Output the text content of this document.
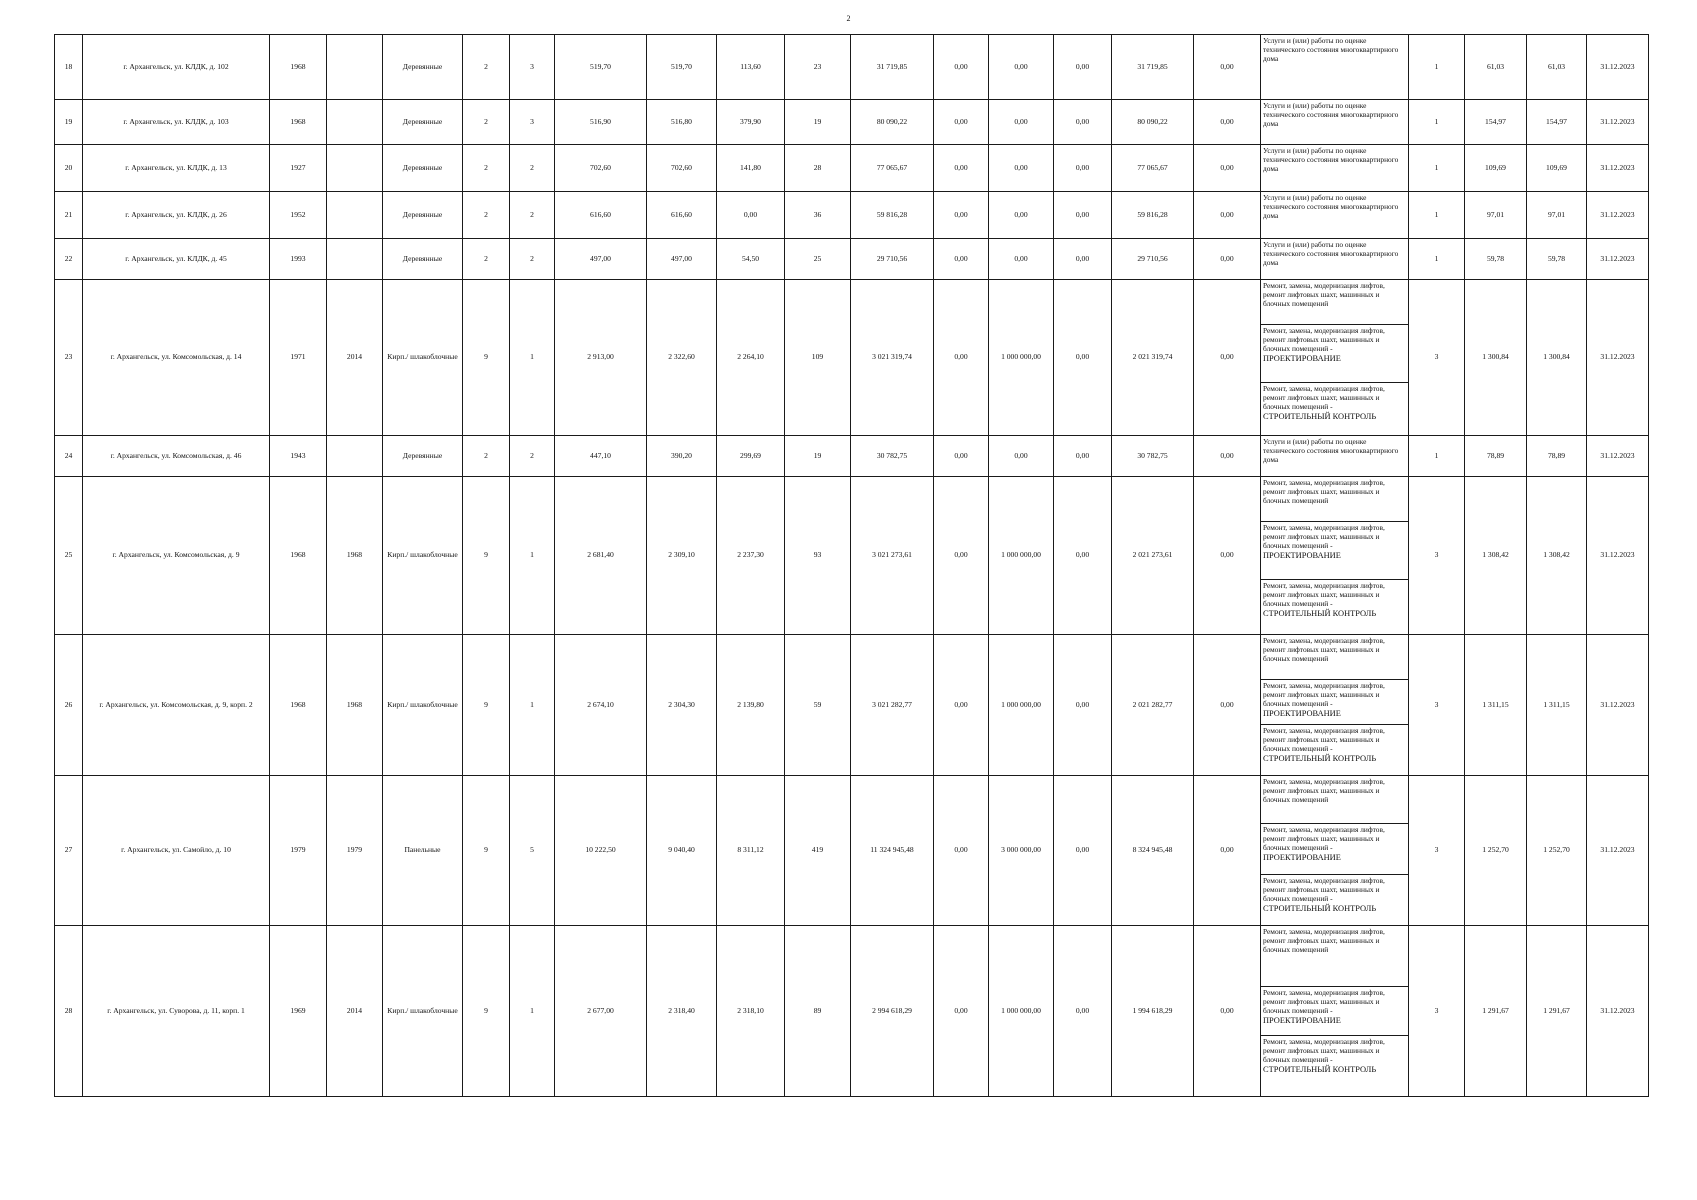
2
18	г. Архангельск, ул. КЛДК, д. 102	1968		Деревянные	2	3	519,70	519,70	113,60	23	31 719,85	0,00	0,00	0,00	31 719,85	0,00	Услуги и (или) работы по оценке технического состояния многоквартирного дома	1	61,03	61,03	31.12.2023
19	г. Архангельск, ул. КЛДК, д. 103	1968		Деревянные	2	3	516,90	516,80	379,90	19	80 090,22	0,00	0,00	0,00	80 090,22	0,00	Услуги и (или) работы по оценке технического состояния многоквартирного дома	1	154,97	154,97	31.12.2023
20	г. Архангельск, ул. КЛДК, д. 13	1927		Деревянные	2	2	702,60	702,60	141,80	28	77 065,67	0,00	0,00	0,00	77 065,67	0,00	Услуги и (или) работы по оценке технического состояния многоквартирного дома	1	109,69	109,69	31.12.2023
21	г. Архангельск, ул. КЛДК, д. 26	1952		Деревянные	2	2	616,60	616,60	0,00	36	59 816,28	0,00	0,00	0,00	59 816,28	0,00	Услуги и (или) работы по оценке технического состояния многоквартирного дома	1	97,01	97,01	31.12.2023
22	г. Архангельск, ул. КЛДК, д. 45	1993		Деревянные	2	2	497,00	497,00	54,50	25	29 710,56	0,00	0,00	0,00	29 710,56	0,00	Услуги и (или) работы по оценке технического состояния многоквартирного дома	1	59,78	59,78	31.12.2023
23	г. Архангельск, ул. Комсомольская, д. 14	1971	2014	Кирп./ шлакоблочные	9	1	2 913,00	2 322,60	2 264,10	109	3 021 319,74	0,00	1 000 000,00	0,00	2 021 319,74	0,00	Ремонт, замена, модернизация лифтов, ремонт лифтовых шахт, машинных и блочных помещений	3	1 300,84	1 300,84	31.12.2023

																	Ремонт, замена, модернизация лифтов, ремонт лифтовых шахт, машинных и блочных помещений -
ПРОЕКТИРОВАНИЕ				

																	Ремонт, замена, модернизация лифтов, ремонт лифтовых шахт, машинных и блочных помещений -
СТРОИТЕЛЬНЫЙ КОНТРОЛЬ				

24	г. Архангельск, ул. Комсомольская, д. 46	1943		Деревянные	2	2	447,10	390,20	299,69	19	30 782,75	0,00	0,00	0,00	30 782,75	0,00	Услуги и (или) работы по оценке технического состояния многоквартирного дома	1	78,89	78,89	31.12.2023
25	г. Архангельск, ул. Комсомольская, д. 9	1968	1968	Кирп./ шлакоблочные	9	1	2 681,40	2 309,10	2 237,30	93	3 021 273,61	0,00	1 000 000,00	0,00	2 021 273,61	0,00	Ремонт, замена, модернизация лифтов, ремонт лифтовых шахт, машинных и блочных помещений	3	1 308,42	1 308,42	31.12.2023

																	Ремонт, замена, модернизация лифтов, ремонт лифтовых шахт, машинных и блочных помещений -
ПРОЕКТИРОВАНИЕ				

																	Ремонт, замена, модернизация лифтов, ремонт лифтовых шахт, машинных и блочных помещений -
СТРОИТЕЛЬНЫЙ КОНТРОЛЬ				

26	г. Архангельск, ул. Комсомольская, д. 9, корп. 2	1968	1968	Кирп./ шлакоблочные	9	1	2 674,10	2 304,30	2 139,80	59	3 021 282,77	0,00	1 000 000,00	0,00	2 021 282,77	0,00	Ремонт, замена, модернизация лифтов, ремонт лифтовых шахт, машинных и блочных помещений	3	1 311,15	1 311,15	31.12.2023

																	Ремонт, замена, модернизация лифтов, ремонт лифтовых шахт, машинных и блочных помещений -
ПРОЕКТИРОВАНИЕ				

																	Ремонт, замена, модернизация лифтов, ремонт лифтовых шахт, машинных и блочных помещений -
СТРОИТЕЛЬНЫЙ КОНТРОЛЬ				

27	г. Архангельск, ул. Самойло, д. 10	1979	1979	Панельные	9	5	10 222,50	9 040,40	8 311,12	419	11 324 945,48	0,00	3 000 000,00	0,00	8 324 945,48	0,00	Ремонт, замена, модернизация лифтов, ремонт лифтовых шахт, машинных и блочных помещений	3	1 252,70	1 252,70	31.12.2023

																	Ремонт, замена, модернизация лифтов, ремонт лифтовых шахт, машинных и блочных помещений -
ПРОЕКТИРОВАНИЕ				

																	Ремонт, замена, модернизация лифтов, ремонт лифтовых шахт, машинных и блочных помещений -
СТРОИТЕЛЬНЫЙ КОНТРОЛЬ				

28	г. Архангельск, ул. Суворова, д. 11, корп. 1	1969	2014	Кирп./ шлакоблочные	9	1	2 677,00	2 318,40	2 318,10	89	2 994 618,29	0,00	1 000 000,00	0,00	1 994 618,29	0,00	Ремонт, замена, модернизация лифтов, ремонт лифтовых шахт, машинных и блочных помещений	3	1 291,67	1 291,67	31.12.2023

																	Ремонт, замена, модернизация лифтов, ремонт лифтовых шахт, машинных и блочных помещений -
ПРОЕКТИРОВАНИЕ				

																	Ремонт, замена, модернизация лифтов, ремонт лифтовых шахт, машинных и блочных помещений -
СТРОИТЕЛЬНЫЙ КОНТРОЛЬ				
